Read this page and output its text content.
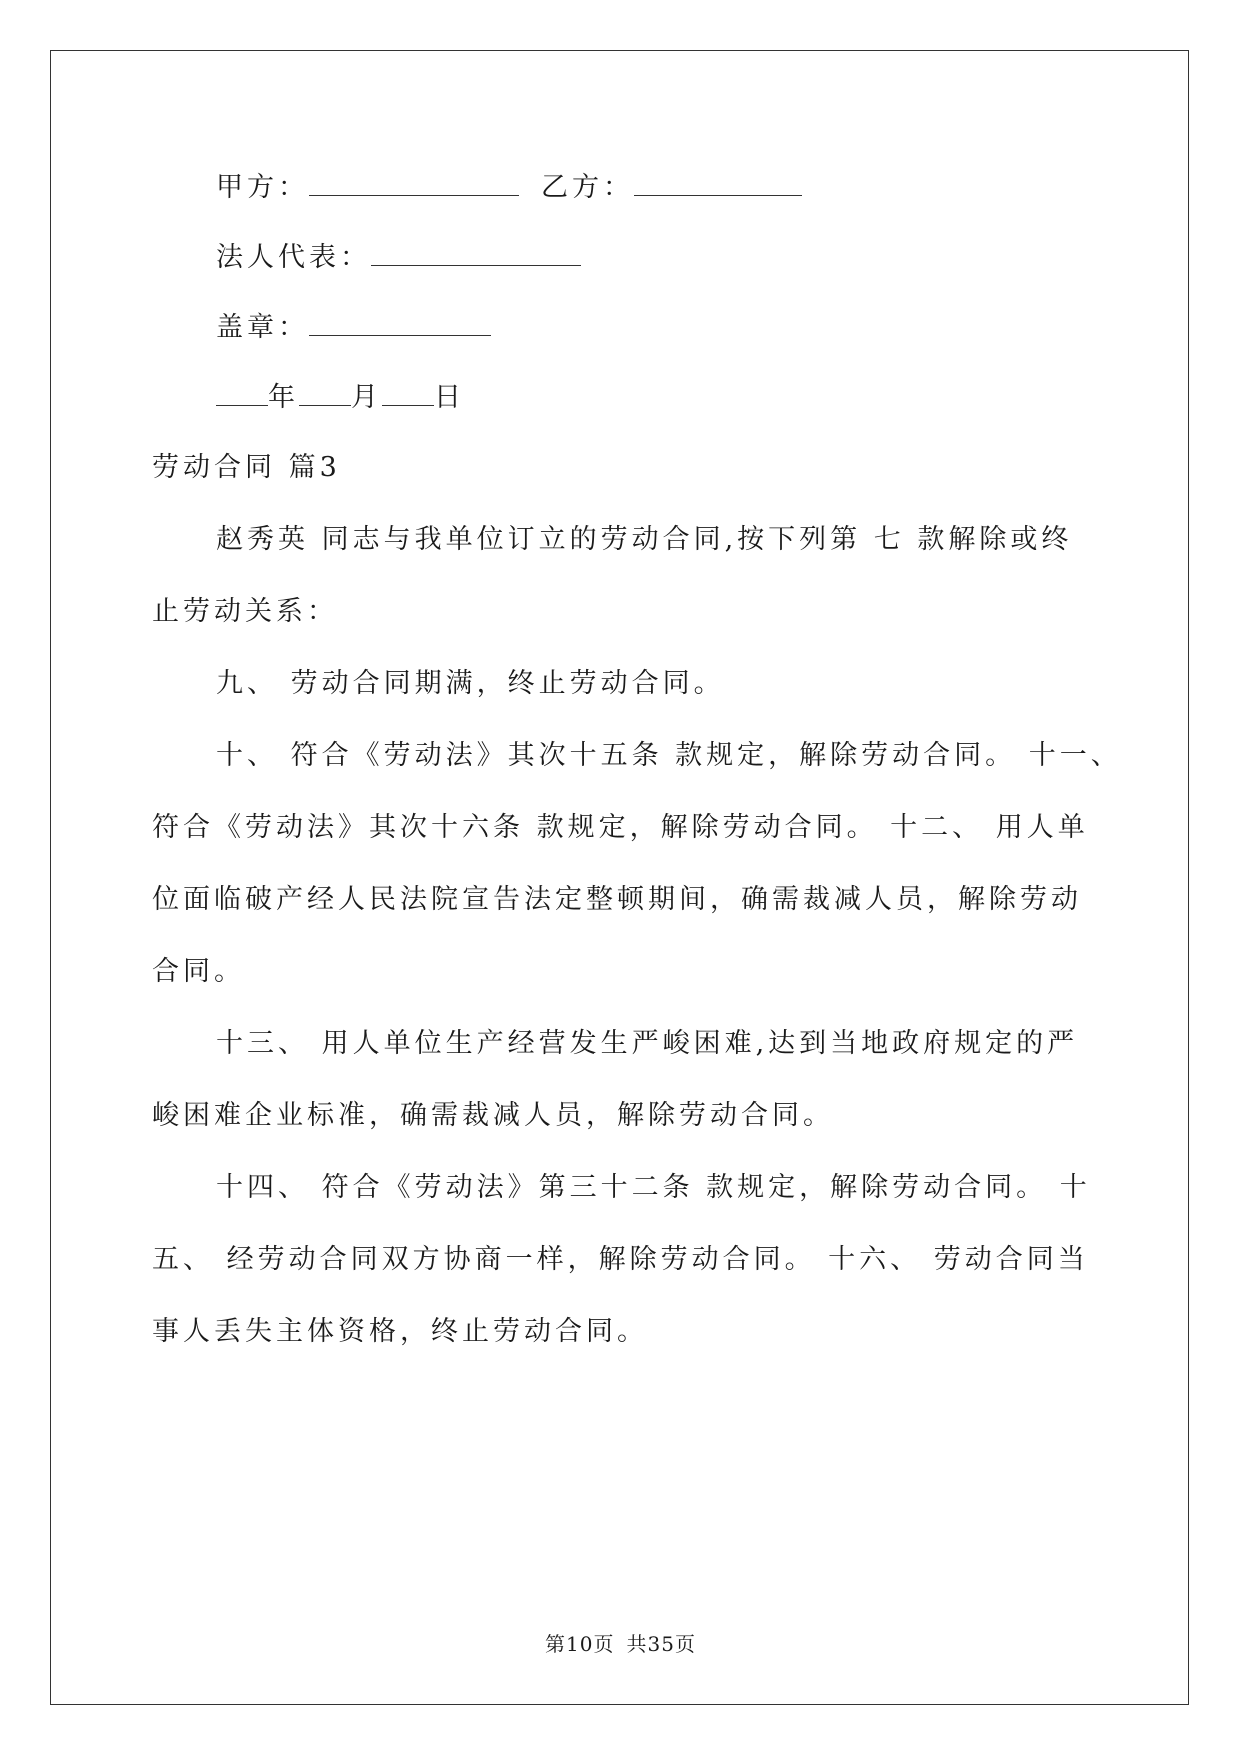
甲方：	乙方：
法人代表：
盖章：
年 月 日
劳动合同 篇3
赵秀英 同志与我单位订立的劳动合同,按下列第 七 款解除或终
止劳动关系：
九、 劳动合同期满，终止劳动合同。
十、 符合《劳动法》其次十五条 款规定，解除劳动合同。 十一、
符合《劳动法》其次十六条 款规定，解除劳动合同。 十二、 用人单
位面临破产经人民法院宣告法定整顿期间，确需裁减人员，解除劳动
合同。
十三、 用人单位生产经营发生严峻困难,达到当地政府规定的严
峻困难企业标准，确需裁减人员，解除劳动合同。
十四、 符合《劳动法》第三十二条 款规定，解除劳动合同。 十
五、 经劳动合同双方协商一样，解除劳动合同。 十六、 劳动合同当
事人丢失主体资格，终止劳动合同。
第10页 共35页
